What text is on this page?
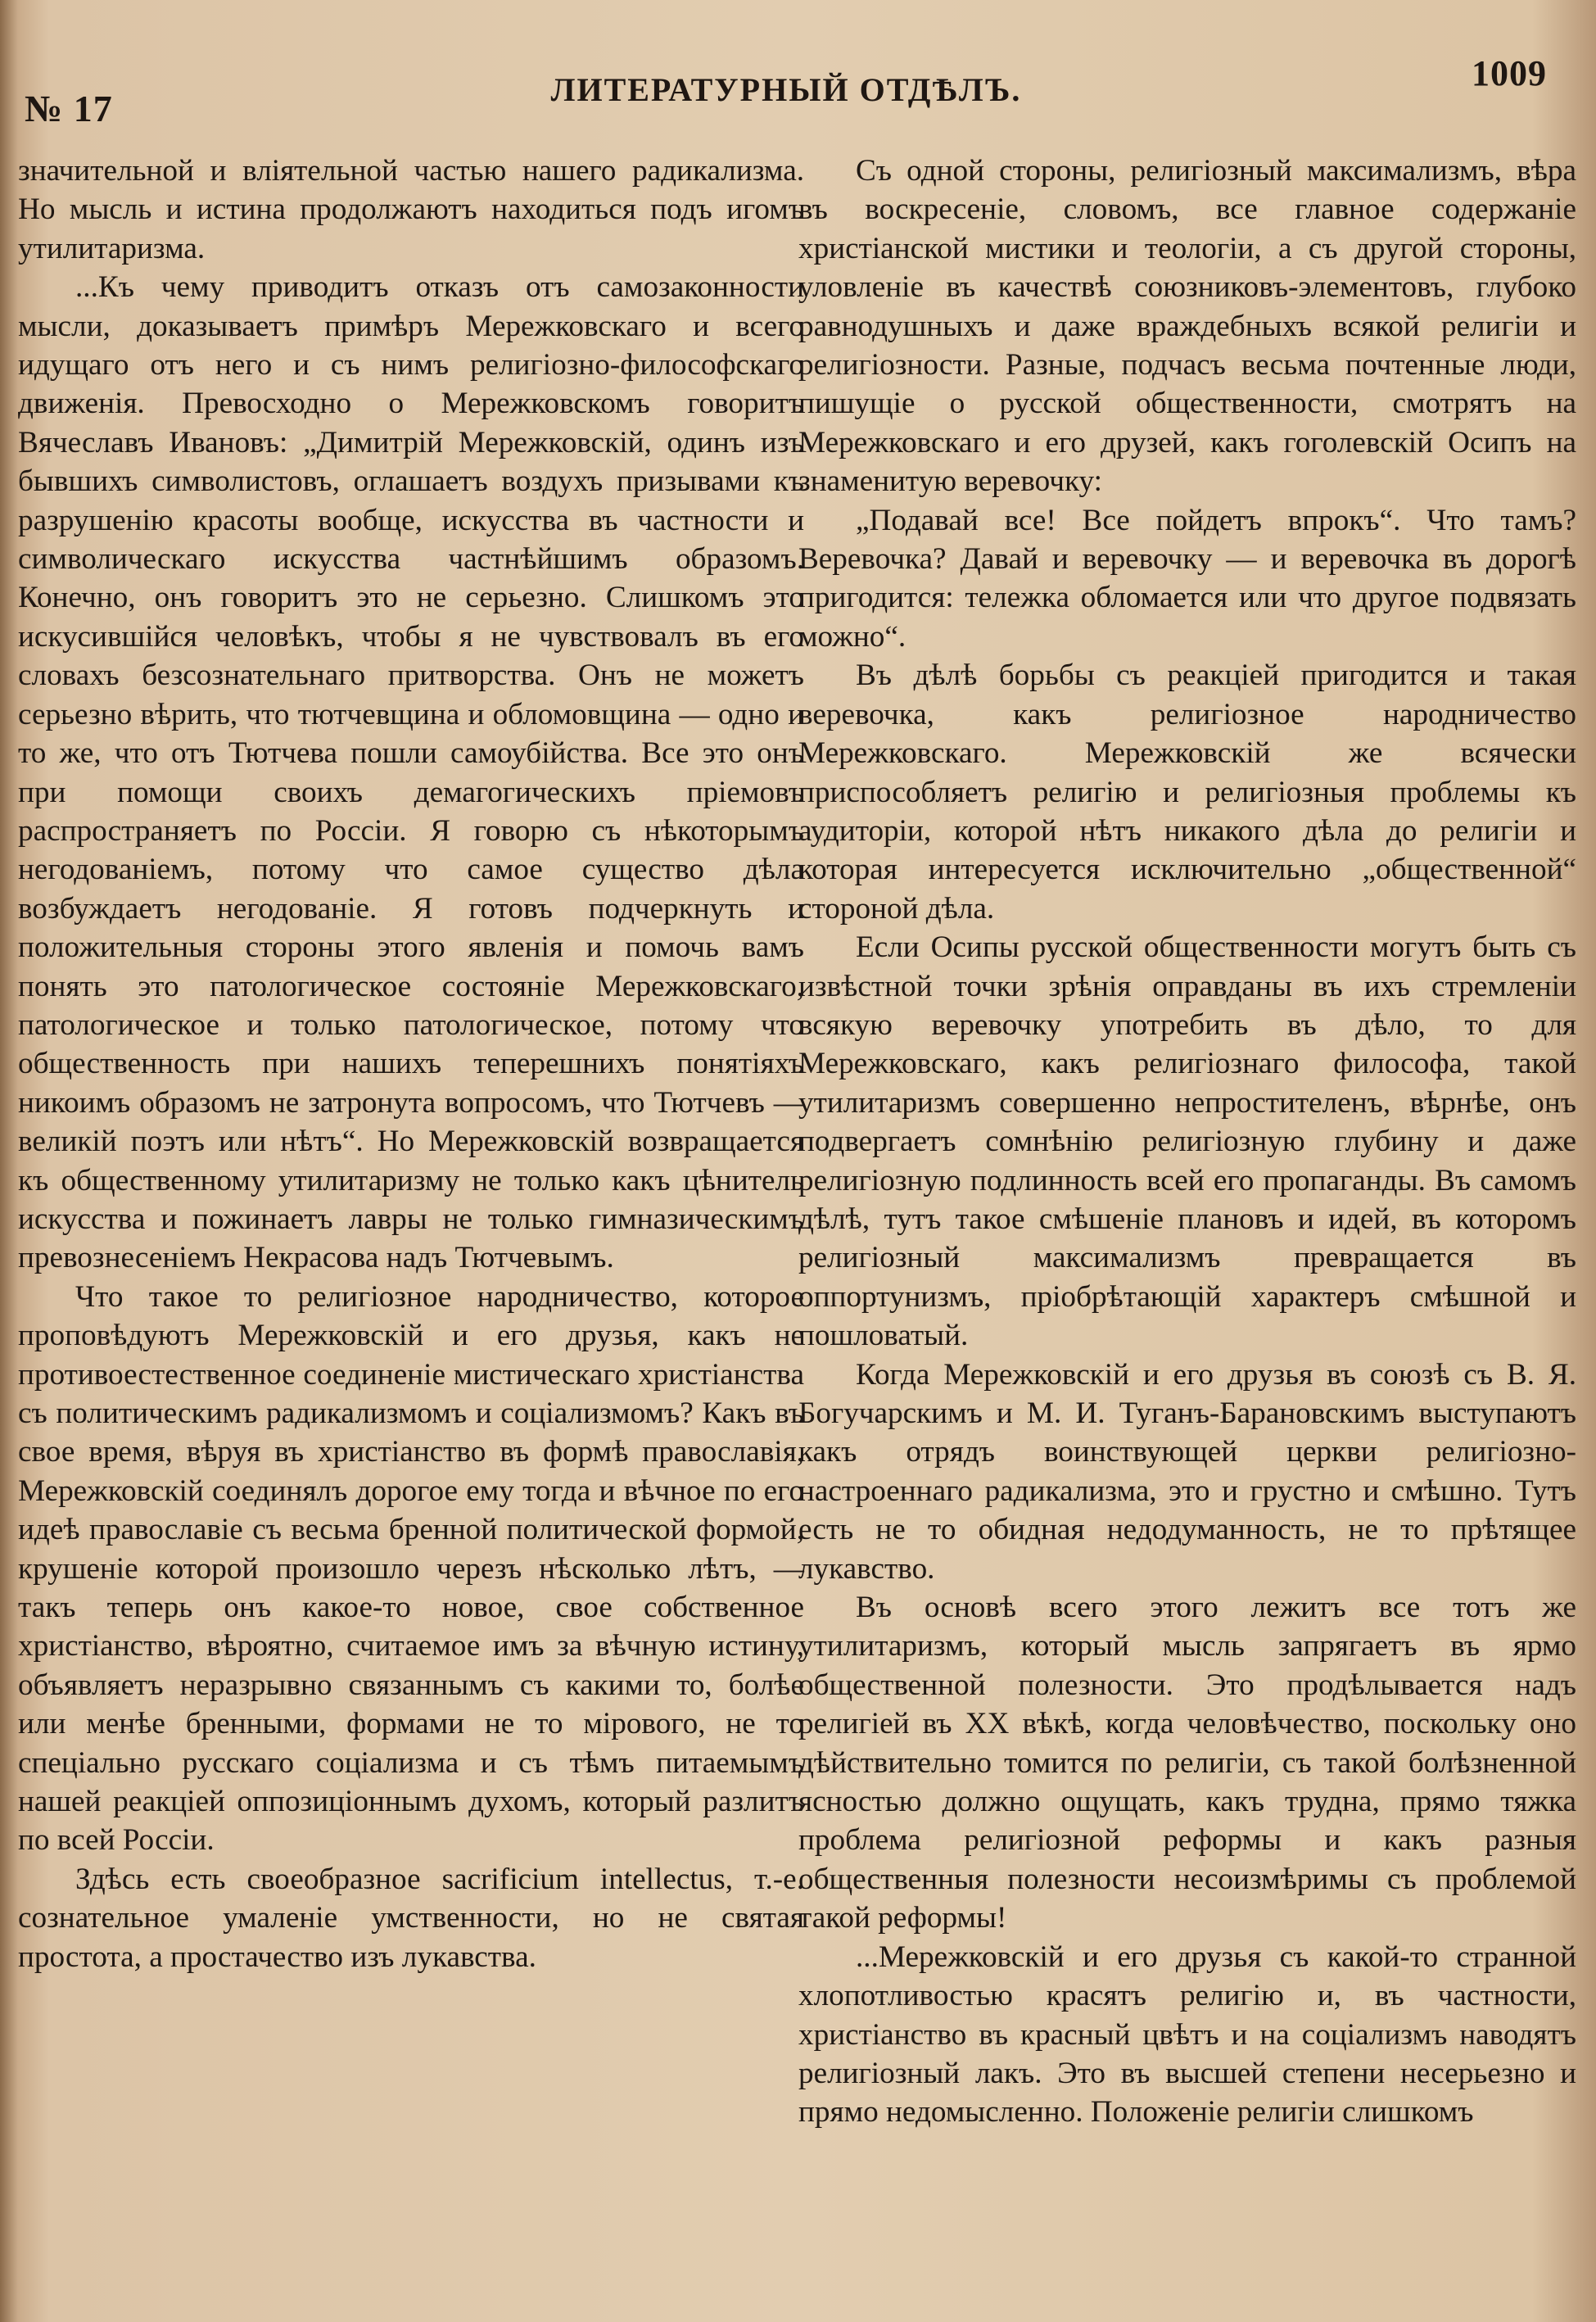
№ 17	ЛИТЕРАТУРНЫЙ ОТДѢЛЪ.	1009

значительной и вліятельной частью нашего радикализма. Но мысль и истина продолжаютъ находиться подъ игомъ утилитаризма.

...Къ чему приводитъ отказъ отъ самозаконности мысли, доказываетъ примѣръ Мережковскаго и всего идущаго отъ него и съ нимъ религіозно-философскаго движенія. Превосходно о Мережковскомъ говоритъ Вячеславъ Ивановъ: „Димитрій Мережковскій, одинъ изъ бывшихъ символистовъ, оглашаетъ воздухъ призывами къ разрушенію красоты вообще, искусства въ частности и символическаго искусства частнѣйшимъ образомъ. Конечно, онъ говоритъ это не серьезно. Слишкомъ это искусившійся человѣкъ, чтобы я не чувствовалъ въ его словахъ безсознательнаго притворства. Онъ не можетъ серьезно вѣрить, что тютчевщина и обломовщина — одно и то же, что отъ Тютчева пошли самоубійства. Все это онъ при помощи своихъ демагогическихъ пріемовъ распространяетъ по Россіи. Я говорю съ нѣкоторымъ негодованіемъ, потому что самое существо дѣла возбуждаетъ негодованіе. Я готовъ подчеркнуть и положительныя стороны этого явленія и помочь вамъ понять это патологическое состояніе Мережковскаго, патологическое и только патологическое, потому что общественность при нашихъ теперешнихъ понятіяхъ никоимъ образомъ не затронута вопросомъ, что Тютчевъ — великій поэтъ или нѣтъ“. Но Мережковскій возвращается къ общественному утилитаризму не только какъ цѣнитель искусства и пожинаетъ лавры не только гимназическимъ превознесеніемъ Некрасова надъ Тютчевымъ.

Что такое то религіозное народничество, которое проповѣдуютъ Мережковскій и его друзья, какъ не противоестественное соединеніе мистическаго христіанства съ политическимъ радикализмомъ и соціализмомъ? Какъ въ свое время, вѣруя въ христіанство въ формѣ православія, Мережковскій соединялъ дорогое ему тогда и вѣчное по его идеѣ православіе съ весьма бренной политической формой, крушеніе которой произошло черезъ нѣсколько лѣтъ, — такъ теперь онъ какое-то новое, свое собственное христіанство, вѣроятно, считаемое имъ за вѣчную истину, объявляетъ неразрывно связаннымъ съ какими то, болѣе или менѣе бренными, формами не то мірового, не то спеціально русскаго соціализма и съ тѣмъ питаемымъ нашей реакціей оппозиціоннымъ духомъ, который разлитъ по всей Россіи.

Здѣсь есть своеобразное sacrificium intellectus, т.-е. сознательное умаленіе умственности, но не святая простота, а простачество изъ лукавства.

Съ одной стороны, религіозный максимализмъ, вѣра въ воскресеніе, словомъ, все главное содержаніе христіанской мистики и теологіи, а съ другой стороны, уловленіе въ качествѣ союзниковъ-элементовъ, глубоко равнодушныхъ и даже враждебныхъ всякой религіи и религіозности. Разные, подчасъ весьма почтенные люди, пишущіе о русской общественности, смотрятъ на Мережковскаго и его друзей, какъ гоголевскій Осипъ на знаменитую веревочку:

„Подавай все! Все пойдетъ впрокъ“. Что тамъ? Веревочка? Давай и веревочку — и веревочка въ дорогѣ пригодится: тележка обломается или что другое подвязать можно“.

Въ дѣлѣ борьбы съ реакціей пригодится и такая веревочка, какъ религіозное народничество Мережковскаго. Мережковскій же всячески приспособляетъ религію и религіозныя проблемы къ аудиторіи, которой нѣтъ никакого дѣла до религіи и которая интересуется исключительно „общественной“ стороной дѣла.

Если Осипы русской общественности могутъ быть съ извѣстной точки зрѣнія оправданы въ ихъ стремленіи всякую веревочку употребить въ дѣло, то для Мережковскаго, какъ религіознаго философа, такой утилитаризмъ совершенно непростителенъ, вѣрнѣе, онъ подвергаетъ сомнѣнію религіозную глубину и даже религіозную подлинность всей его пропаганды. Въ самомъ дѣлѣ, тутъ такое смѣшеніе плановъ и идей, въ которомъ религіозный максимализмъ превращается въ оппортунизмъ, пріобрѣтающій характеръ смѣшной и пошловатый.

Когда Мережковскій и его друзья въ союзѣ съ В. Я. Богучарскимъ и М. И. Туганъ-Барановскимъ выступаютъ какъ отрядъ воинствующей церкви религіозно-настроеннаго радикализма, это и грустно и смѣшно. Тутъ есть не то обидная недодуманность, не то прѣтящее лукавство.

Въ основѣ всего этого лежитъ все тотъ же утилитаризмъ, который мысль запрягаетъ въ ярмо общественной полезности. Это продѣлывается надъ религіей въ XX вѣкѣ, когда человѣчество, поскольку оно дѣйствительно томится по религіи, съ такой болѣзненной ясностью должно ощущать, какъ трудна, прямо тяжка проблема религіозной реформы и какъ разныя общественныя полезности несоизмѣримы съ проблемой такой реформы!

...Мережковскій и его друзья съ какой-то странной хлопотливостью красятъ религію и, въ частности, христіанство въ красный цвѣтъ и на соціализмъ наводятъ религіозный лакъ. Это въ высшей степени несерьезно и прямо недомысленно. Положеніе религіи слишкомъ
